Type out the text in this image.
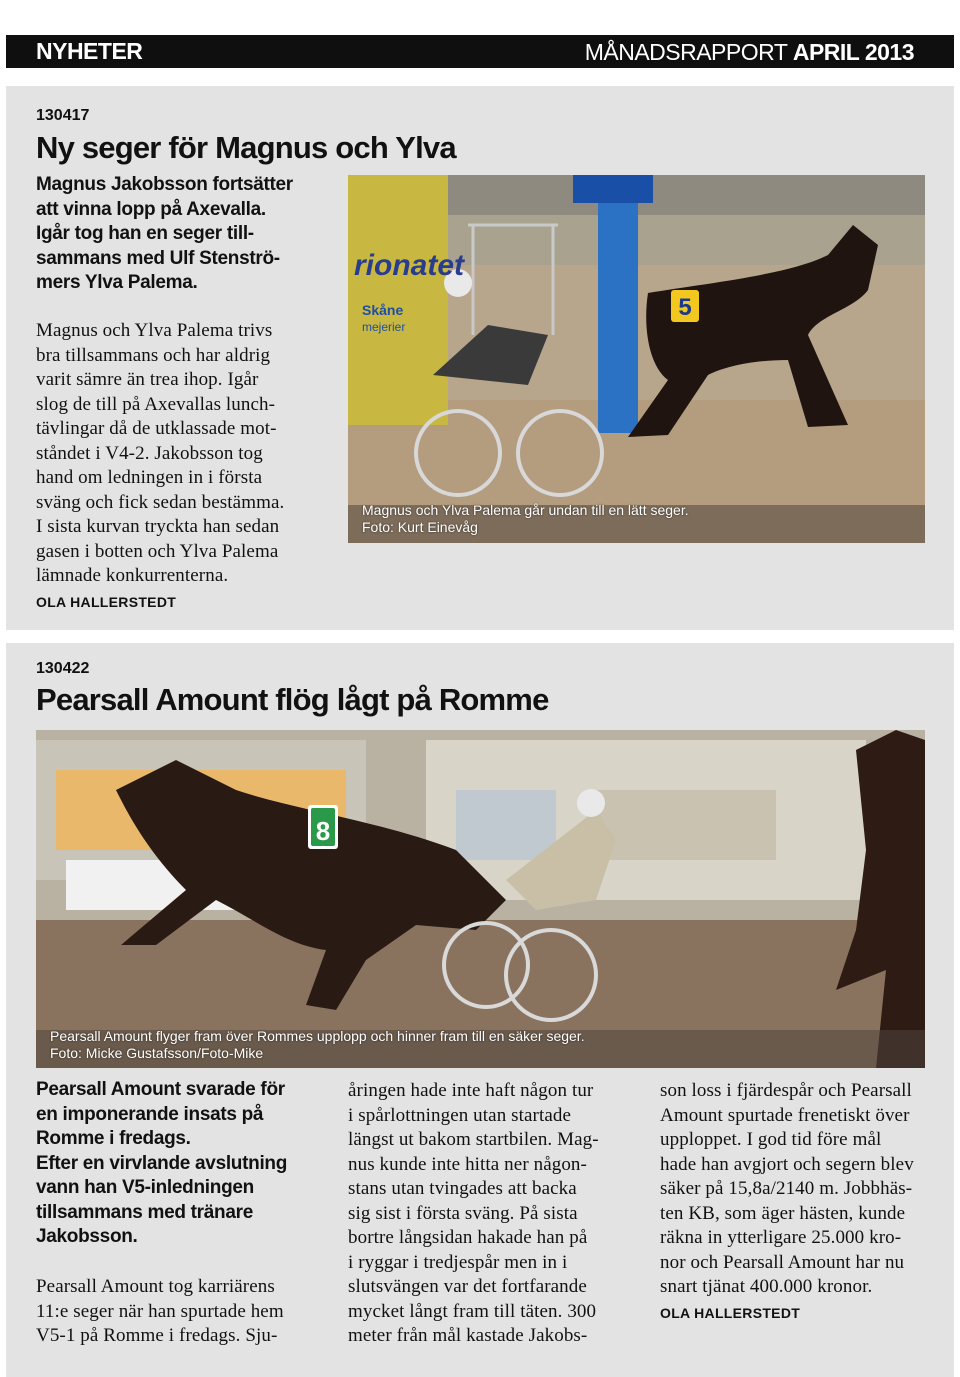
NYHETER	MÅNADSRAPPORT APRIL 2013
130417
Ny seger för Magnus och Ylva
Magnus Jakobsson fortsätter
att vinna lopp på Axevalla.
Igår tog han en seger till-
sammans med Ulf Stenströ-
mers Ylva Palema.
Magnus och Ylva Palema trivs
bra tillsammans och har aldrig
varit sämre än trea ihop. Igår
slog de till på Axevallas lunch-
tävlingar då de utklassade mot-
ståndet i V4-2. Jakobsson tog
hand om ledningen in i första
sväng och fick sedan bestämma.
I sista kurvan tryckta han sedan
gasen i botten och Ylva Palema
lämnade konkurrenterna.
OLA HALLERSTEDT
5
rionatet
Skåne
mejerier
Magnus och Ylva Palema går undan till en lätt seger.
Foto: Kurt Einevåg
130422
Pearsall Amount flög lågt på Romme
8
Pearsall Amount flyger fram över Rommes upplopp och hinner fram till en säker seger.
Foto: Micke Gustafsson/Foto-Mike
Pearsall Amount svarade för
en imponerande insats på
Romme i fredags.
Efter en virvlande avslutning
vann han V5-inledningen
tillsammans med tränare
Jakobsson.
Pearsall Amount tog karriärens
11:e seger när han spurtade hem
V5-1 på Romme i fredags. Sju-
åringen hade inte haft någon tur
i spårlottningen utan startade
längst ut bakom startbilen. Mag-
nus kunde inte hitta ner någon-
stans utan tvingades att backa
sig sist i första sväng. På sista
bortre långsidan hakade han på
i ryggar i tredjespår men in i
slutsvängen var det fortfarande
mycket långt fram till täten. 300
meter från mål kastade Jakobs-
son loss i fjärdespår och Pearsall
Amount spurtade frenetiskt över
upploppet. I god tid före mål
hade han avgjort och segern blev
säker på 15,8a/2140 m. Jobbhäs-
ten KB, som äger hästen, kunde
räkna in ytterligare 25.000 kro-
nor och Pearsall Amount har nu
snart tjänat 400.000 kronor.
OLA HALLERSTEDT
